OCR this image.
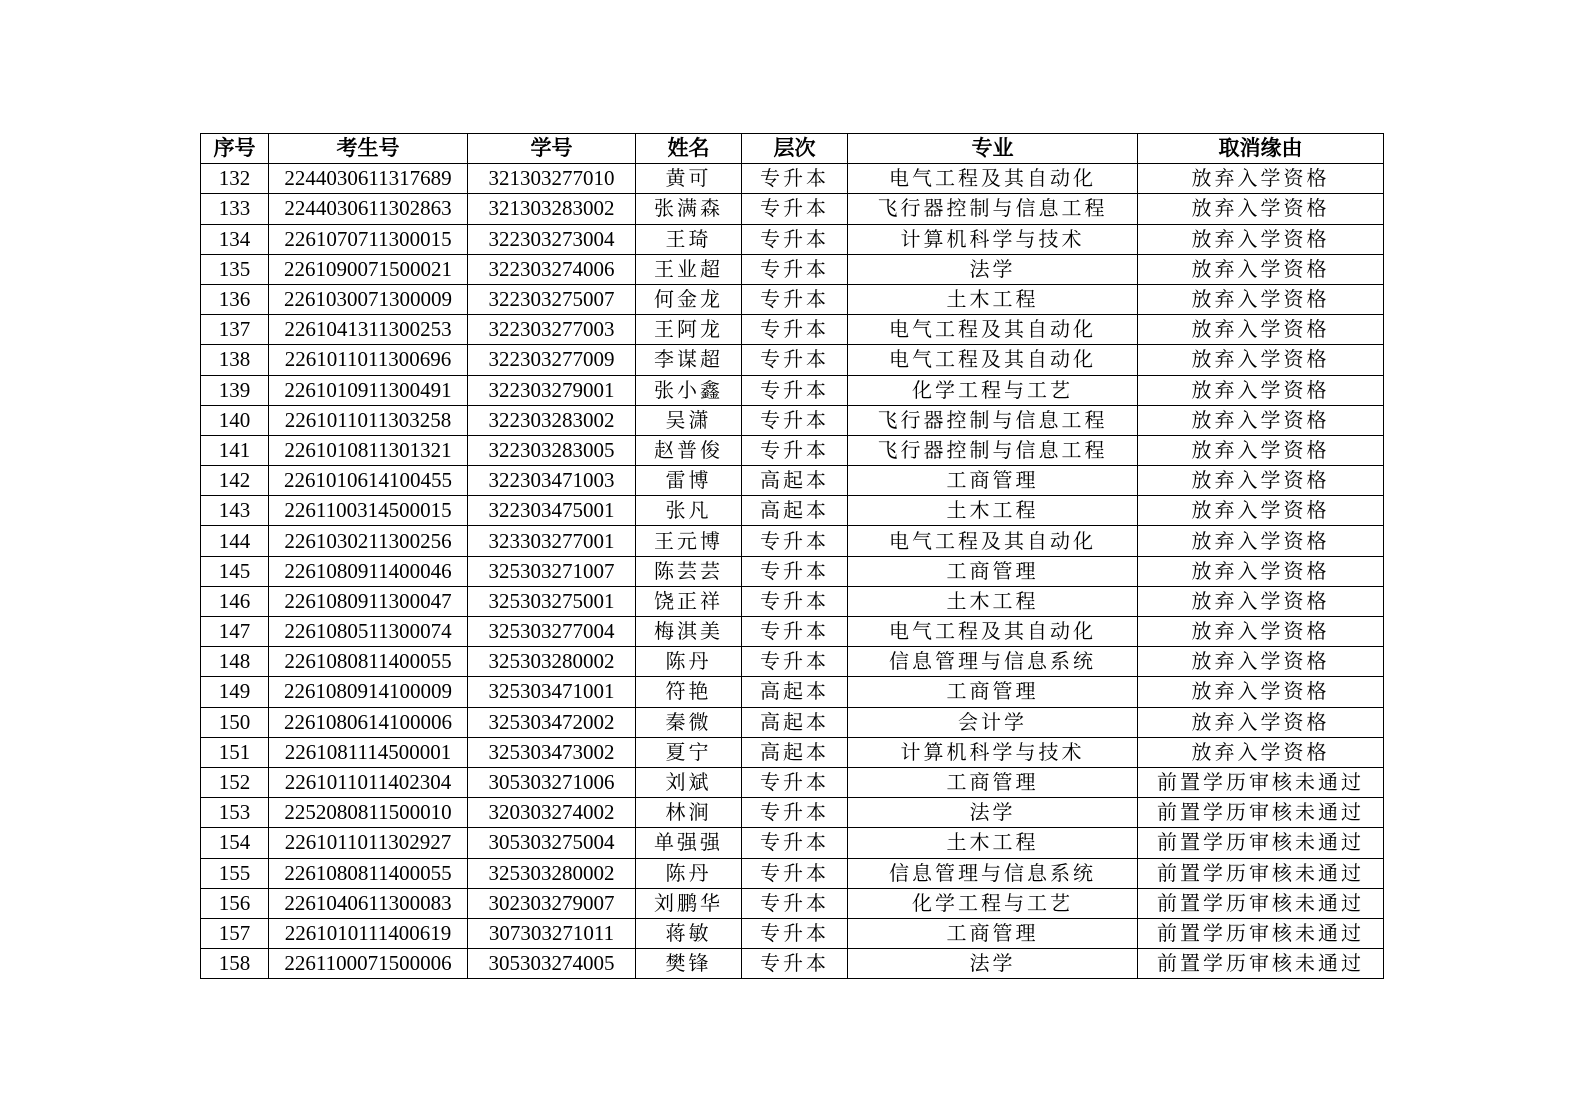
序号	考生号	学号	姓名	层次	专业	取消缘由
132	2244030611317689	321303277010	黄可	专升本	电气工程及其自动化	放弃入学资格
133	2244030611302863	321303283002	张满森	专升本	飞行器控制与信息工程	放弃入学资格
134	2261070711300015	322303273004	王琦	专升本	计算机科学与技术	放弃入学资格
135	2261090071500021	322303274006	王业超	专升本	法学	放弃入学资格
136	2261030071300009	322303275007	何金龙	专升本	土木工程	放弃入学资格
137	2261041311300253	322303277003	王阿龙	专升本	电气工程及其自动化	放弃入学资格
138	2261011011300696	322303277009	李谋超	专升本	电气工程及其自动化	放弃入学资格
139	2261010911300491	322303279001	张小鑫	专升本	化学工程与工艺	放弃入学资格
140	2261011011303258	322303283002	吴潇	专升本	飞行器控制与信息工程	放弃入学资格
141	2261010811301321	322303283005	赵普俊	专升本	飞行器控制与信息工程	放弃入学资格
142	2261010614100455	322303471003	雷博	高起本	工商管理	放弃入学资格
143	2261100314500015	322303475001	张凡	高起本	土木工程	放弃入学资格
144	2261030211300256	323303277001	王元博	专升本	电气工程及其自动化	放弃入学资格
145	2261080911400046	325303271007	陈芸芸	专升本	工商管理	放弃入学资格
146	2261080911300047	325303275001	饶正祥	专升本	土木工程	放弃入学资格
147	2261080511300074	325303277004	梅淇美	专升本	电气工程及其自动化	放弃入学资格
148	2261080811400055	325303280002	陈丹	专升本	信息管理与信息系统	放弃入学资格
149	2261080914100009	325303471001	符艳	高起本	工商管理	放弃入学资格
150	2261080614100006	325303472002	秦微	高起本	会计学	放弃入学资格
151	2261081114500001	325303473002	夏宁	高起本	计算机科学与技术	放弃入学资格
152	2261011011402304	305303271006	刘斌	专升本	工商管理	前置学历审核未通过
153	2252080811500010	320303274002	林涧	专升本	法学	前置学历审核未通过
154	2261011011302927	305303275004	单强强	专升本	土木工程	前置学历审核未通过
155	2261080811400055	325303280002	陈丹	专升本	信息管理与信息系统	前置学历审核未通过
156	2261040611300083	302303279007	刘鹏华	专升本	化学工程与工艺	前置学历审核未通过
157	2261010111400619	307303271011	蒋敏	专升本	工商管理	前置学历审核未通过
158	2261100071500006	305303274005	樊锋	专升本	法学	前置学历审核未通过
